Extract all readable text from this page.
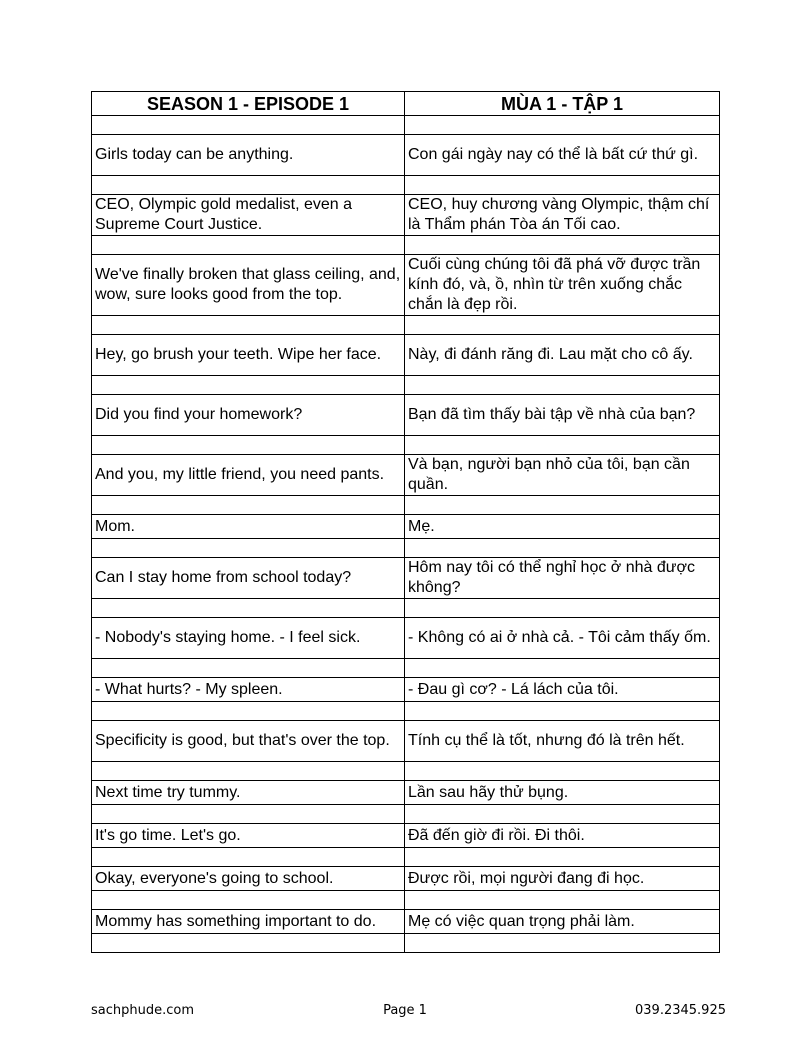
SEASON 1 - EPISODE 1	MÙA 1 - TẬP 1

Girls today can be anything.	Con gái ngày nay có thể là bất cứ thứ gì.

CEO, Olympic gold medalist, even a Supreme Court Justice.	CEO, huy chương vàng Olympic, thậm chí là Thẩm phán Tòa án Tối cao.

We've finally broken that glass ceiling, and, wow, sure looks good from the top.	Cuối cùng chúng tôi đã phá vỡ được trần kính đó, và, ồ, nhìn từ trên xuống chắc chắn là đẹp rồi.

Hey, go brush your teeth. Wipe her face.	Này, đi đánh răng đi. Lau mặt cho cô ấy.

Did you find your homework?	Bạn đã tìm thấy bài tập về nhà của bạn?

And you, my little friend, you need pants.	Và bạn, người bạn nhỏ của tôi, bạn cần quần.

Mom.	Mẹ.

Can I stay home from school today?	Hôm nay tôi có thể nghỉ học ở nhà được không?

- Nobody's staying home. - I feel sick.	- Không có ai ở nhà cả. - Tôi cảm thấy ốm.

- What hurts? - My spleen.	- Đau gì cơ? - Lá lách của tôi.

Specificity is good, but that's over the top.	Tính cụ thể là tốt, nhưng đó là trên hết.

Next time try tummy.	Lần sau hãy thử bụng.

It's go time. Let's go.	Đã đến giờ đi rồi. Đi thôi.

Okay, everyone's going to school.	Được rồi, mọi người đang đi học.

Mommy has something important to do.	Mẹ có việc quan trọng phải làm.

sachphude.com	Page 1	039.2345.925
